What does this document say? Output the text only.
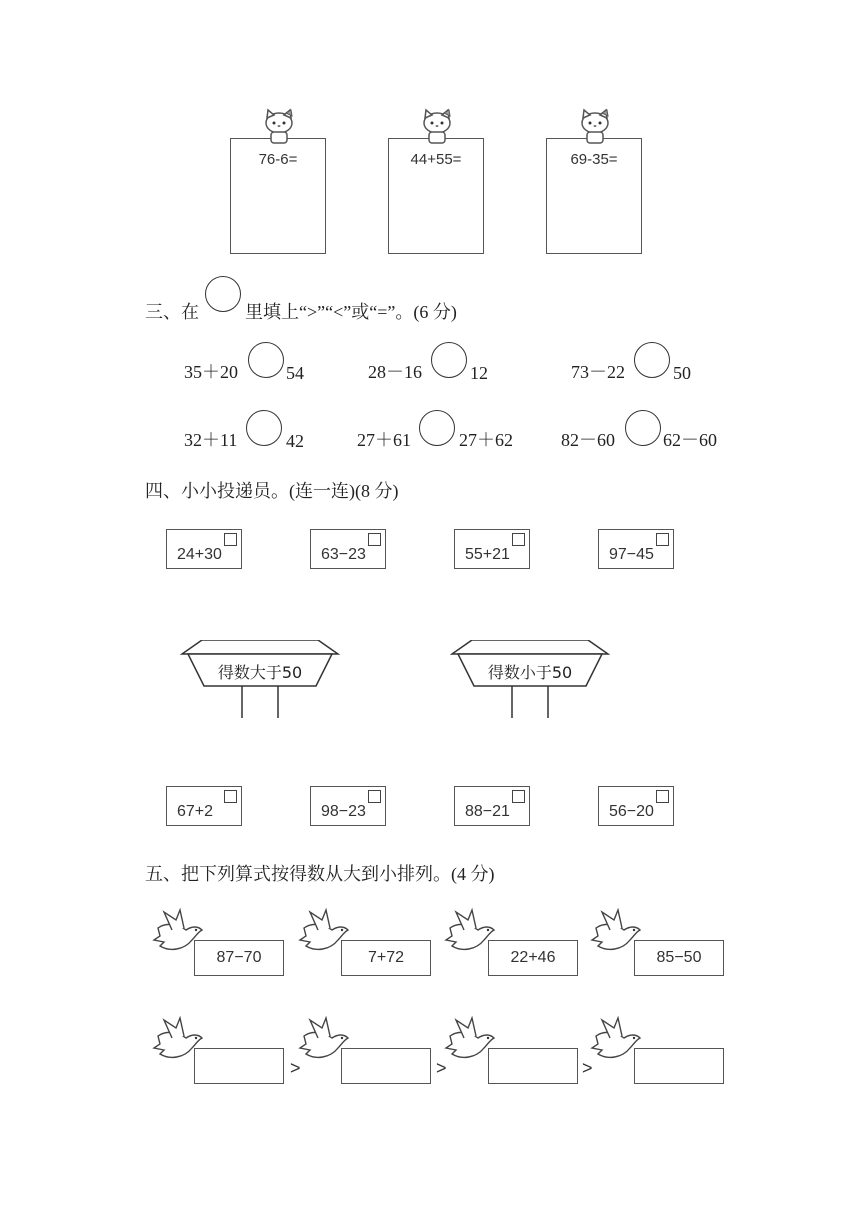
76-6=	44+55=	69-35=
三、在	里填上“>”“<”或“=”。(6 分)
35＋20	54	28－16	12	73－22	50
32＋11	42	27＋61	27＋62	82－60	62－60
四、小小投递员。(连一连)(8 分)
24+30	63−23	55+21	97−45
得数大于50	得数小于50
67+2	98−23	88−21	56−20
五、把下列算式按得数从大到小排列。(4 分)
87−70	7+72	22+46	85−50
>	>	>
